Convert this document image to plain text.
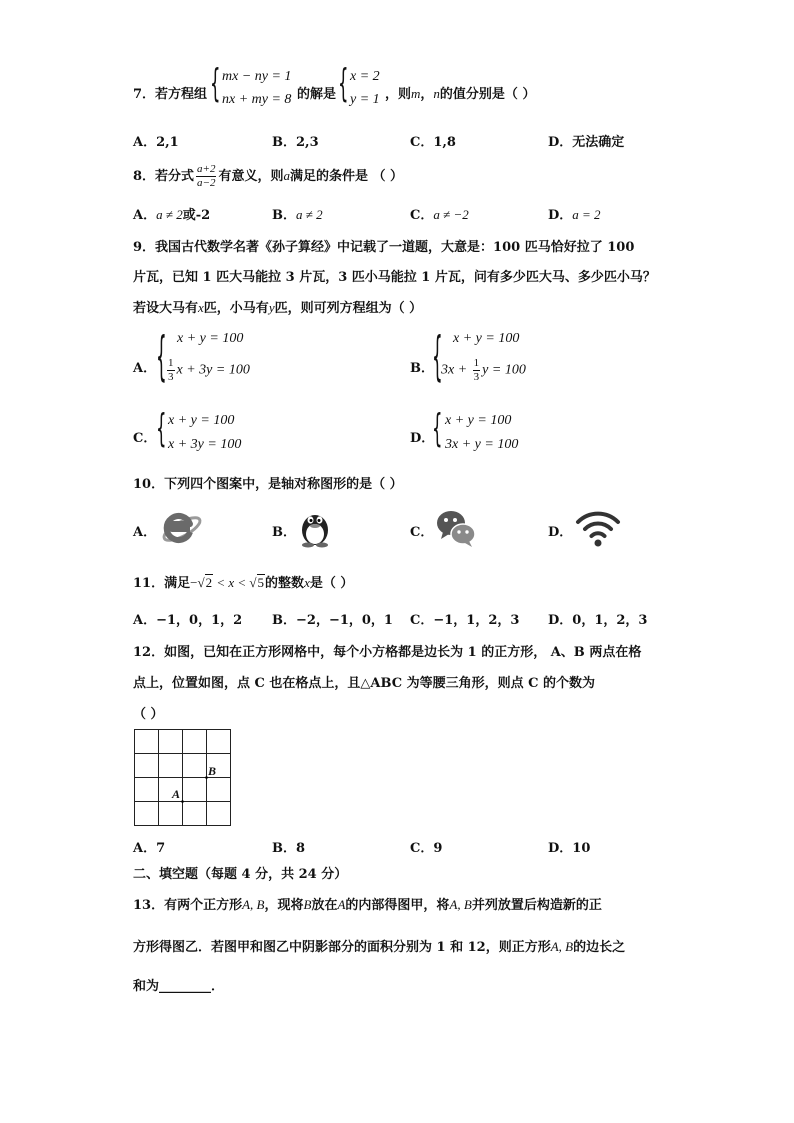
7．若方程组 { mx − ny = 1
nx + my = 8 的解是 { x = 2
y = 1 ，则m，n的值分别是（ ）
A．2,1	B．2,3	C．1,8	D．无法确定
8．若分式 $\frac{a+2}{a-2}$ 有意义，则a满足的条件是 （ ）
A．a ≠ 2或-2	B．a ≠ 2	C．a ≠ −2	D．a = 2
9．我国古代数学名著《孙子算经》中记载了一道题，大意是：100 匹马恰好拉了 100
片瓦，已知 1 匹大马能拉 3 片瓦，3 匹小马能拉 1 片瓦，问有多少匹大马、多少匹小马？
若设大马有x匹，小马有y匹，则可列方程组为（ ）
A． { x + y = 100
$\frac{1}{3}$ x + 3y = 100	B．
{ x + y = 100
$3x + \frac{1}{3}$ y = 100
C． { x + y = 100
x + 3y = 100	D．
{ x + y = 100
3x + y = 100
10．下列四个图案中，是轴对称图形的是（ ）
A．	B．	C．	D．
11．满足−√2 < x < √5的整数x是（ ）
A．−1，0，1，2 B．−2，−1，0，1 C．−1，1，2，3 D．0，1，2，3
12．如图，已知在正方形网格中，每个小方格都是边长为 1 的正方形， A、B 两点在格
点上，位置如图，点 C 也在格点上，且△ABC 为等腰三角形，则点 C 的个数为
（ ）
A
B
A．7	B．8	C．9	D．10
二、填空题（每题 4 分，共 24 分）
13．有两个正方形A, B，现将B放在A的内部得图甲，将A, B并列放置后构造新的正
方形得图乙．若图甲和图乙中阴影部分的面积分别为 1 和 12，则正方形A, B的边长之
和为________．
